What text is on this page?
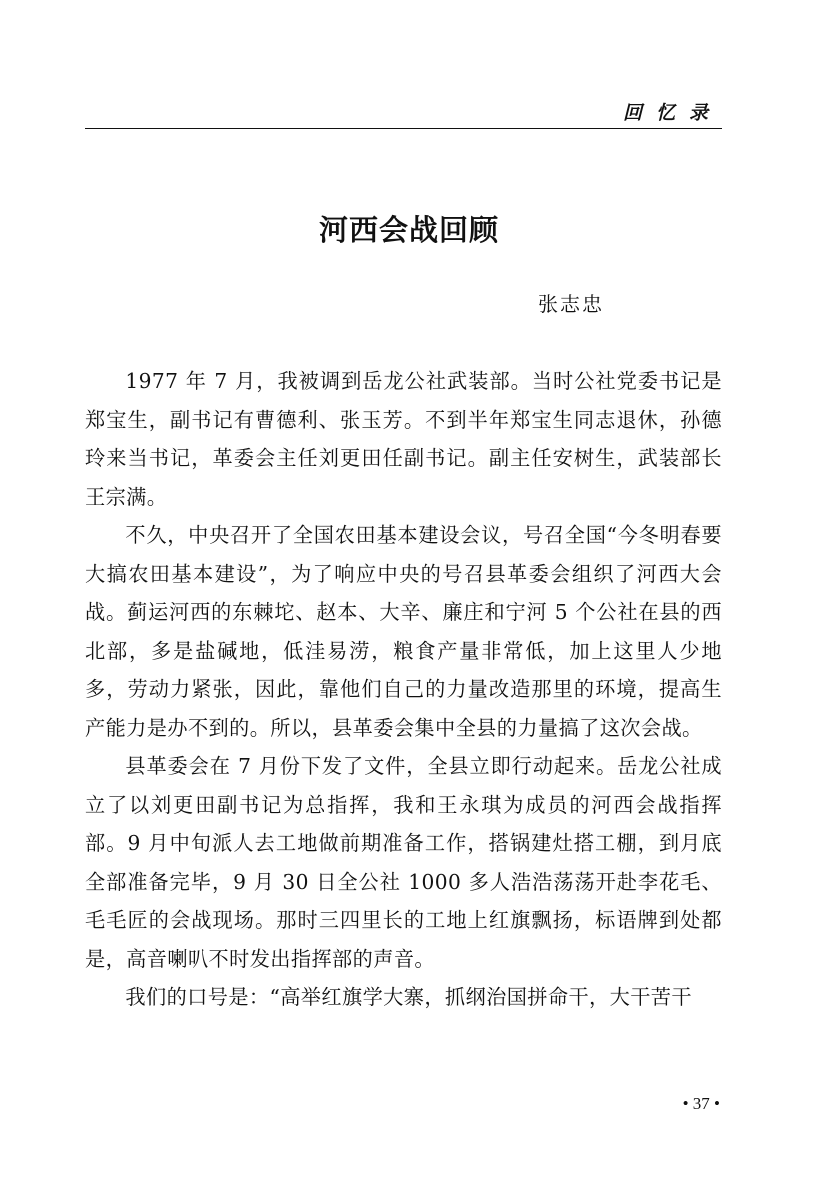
回忆录
河西会战回顾
张志忠

1977 年 7 月，我被调到岳龙公社武装部。当时公社党委书记是郑宝生，副书记有曹德利、张玉芳。不到半年郑宝生同志退休，孙德玲来当书记，革委会主任刘更田任副书记。副主任安树生，武装部长王宗满。

不久，中央召开了全国农田基本建设会议，号召全国“今冬明春要大搞农田基本建设”，为了响应中央的号召县革委会组织了河西大会战。蓟运河西的东棘坨、赵本、大辛、廉庄和宁河 5 个公社在县的西北部，多是盐碱地，低洼易涝，粮食产量非常低，加上这里人少地多，劳动力紧张，因此，靠他们自己的力量改造那里的环境，提高生产能力是办不到的。所以，县革委会集中全县的力量搞了这次会战。

县革委会在 7 月份下发了文件，全县立即行动起来。岳龙公社成立了以刘更田副书记为总指挥，我和王永琪为成员的河西会战指挥部。9 月中旬派人去工地做前期准备工作，搭锅建灶搭工棚，到月底全部准备完毕，9 月 30 日全公社 1000 多人浩浩荡荡开赴李花毛、毛毛匠的会战现场。那时三四里长的工地上红旗飘扬，标语牌到处都是，高音喇叭不时发出指挥部的声音。

我们的口号是：“高举红旗学大寨，抓纲治国拼命干，大干苦干

• 37 •
